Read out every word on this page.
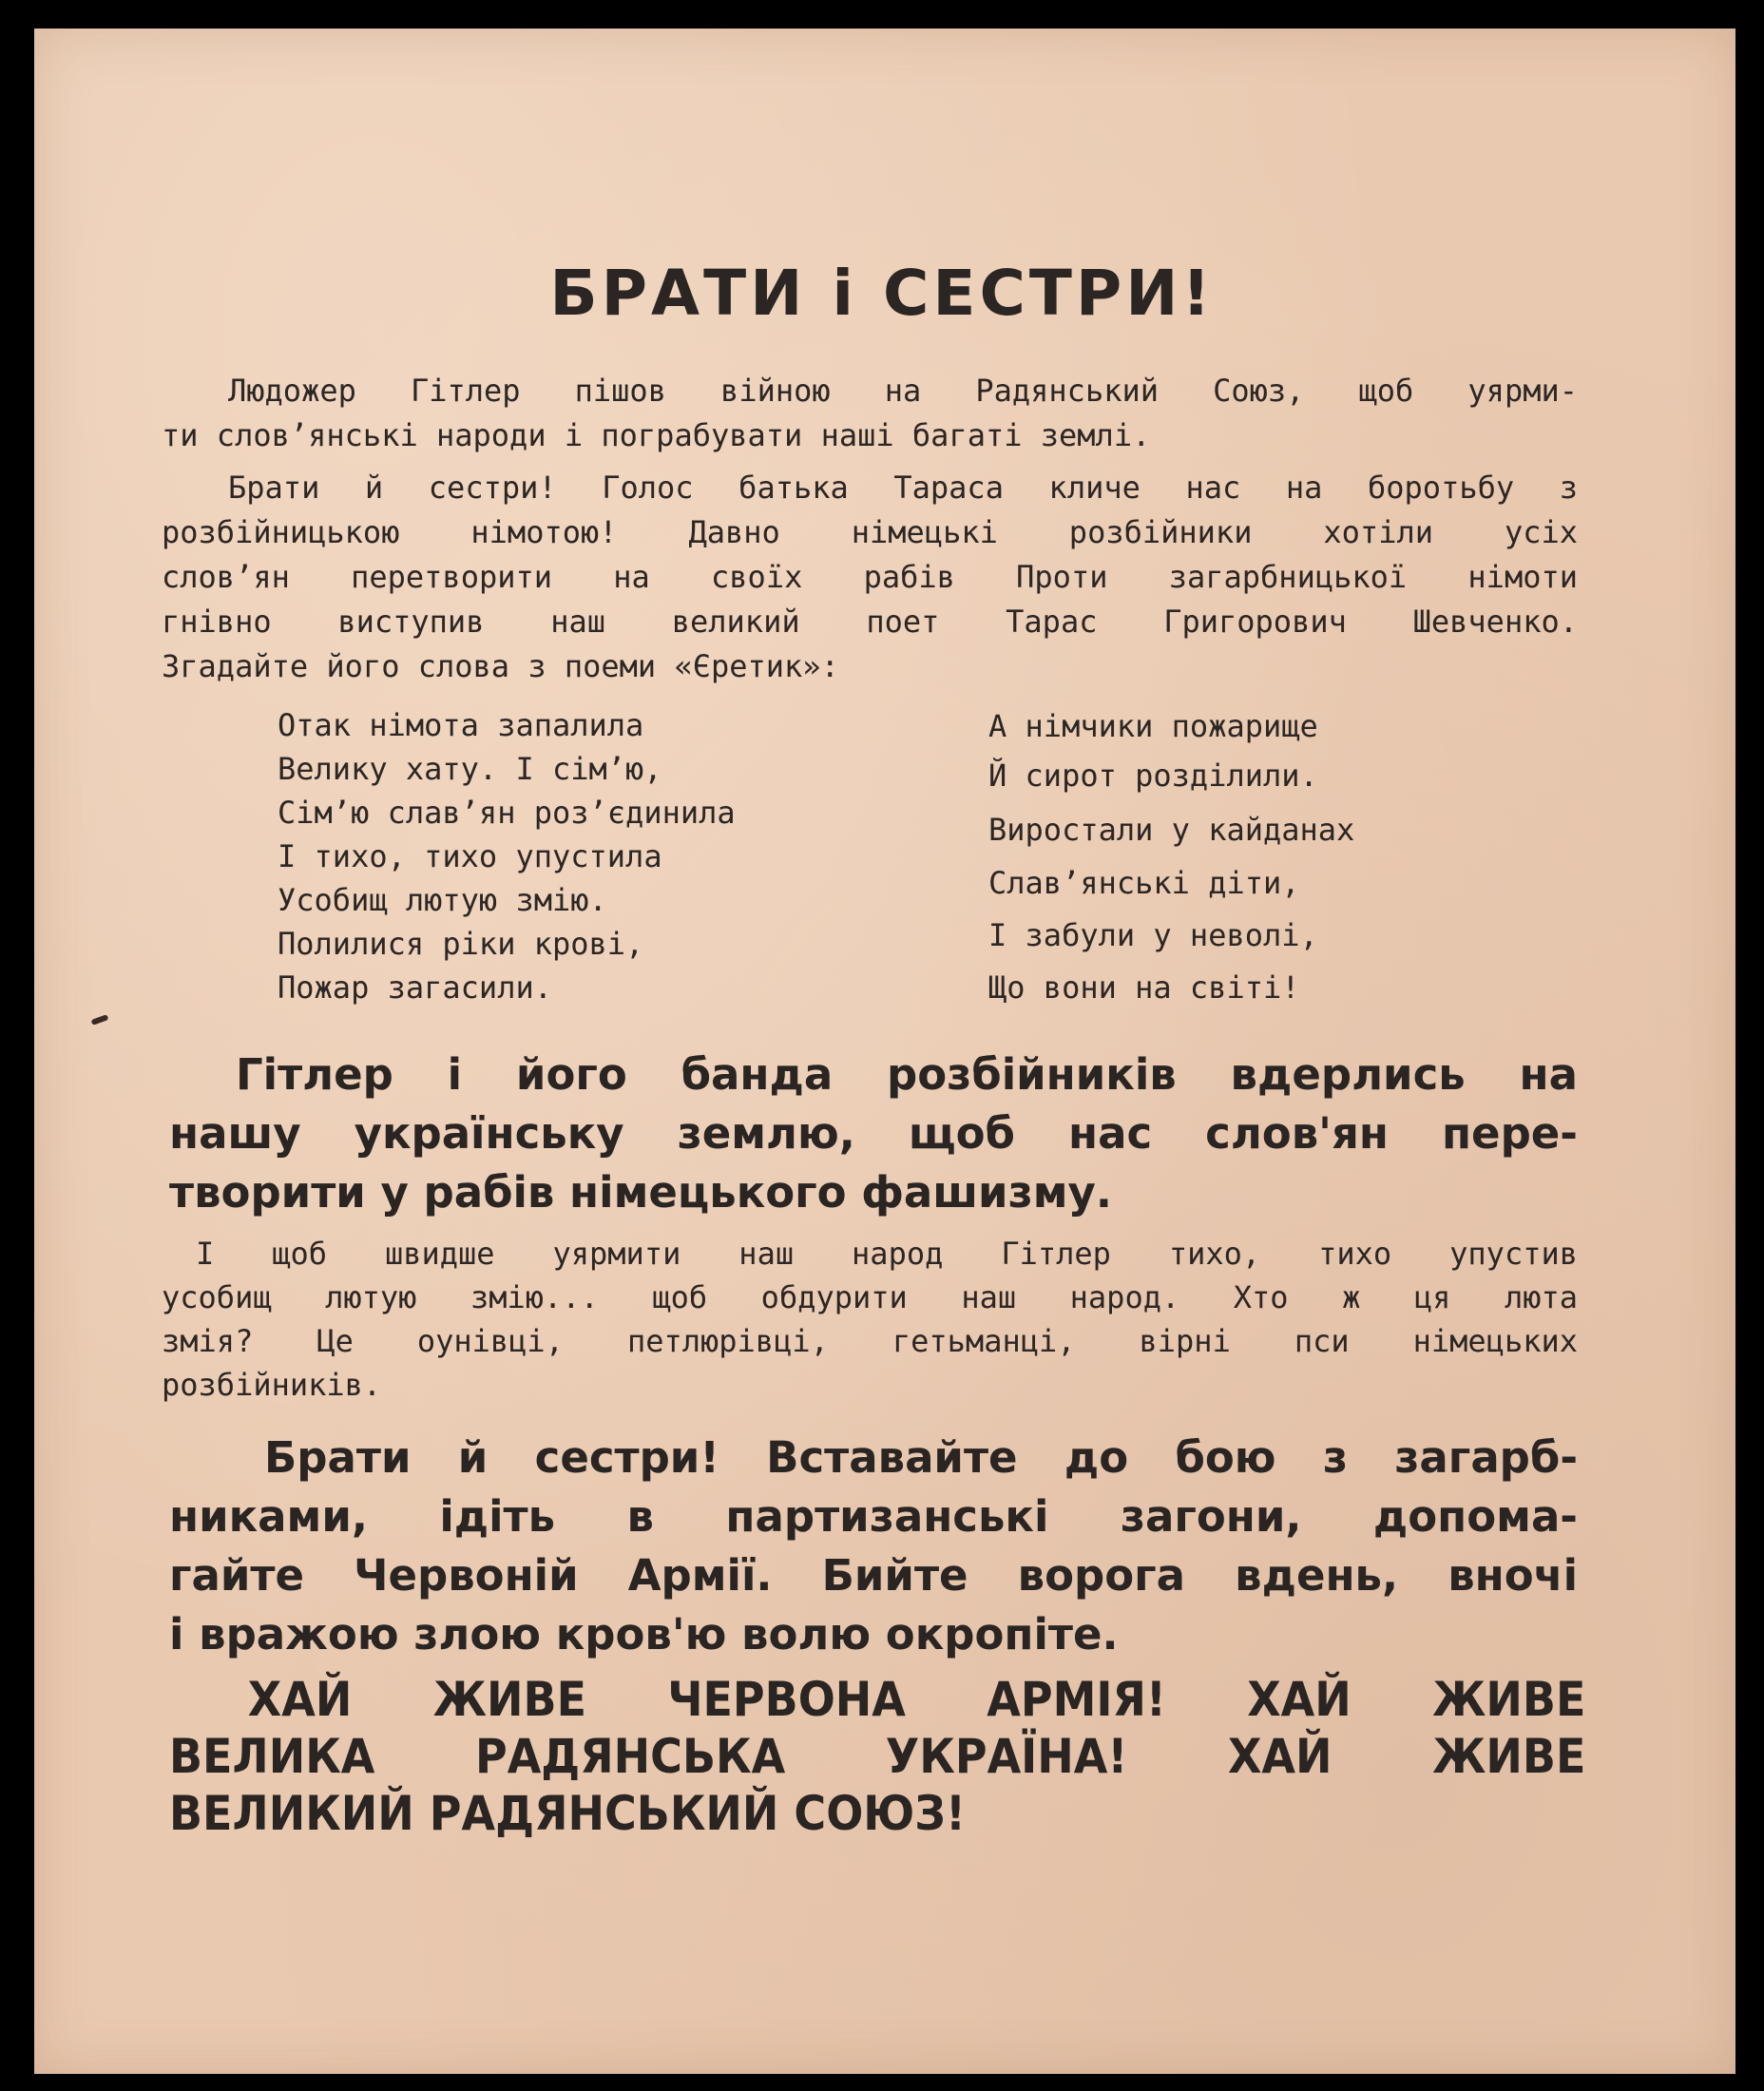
БРАТИ і СЕСТРИ!
Людожер Гітлер пішов війною на Радянський Союз, щоб уярми-
ти слов’янські народи і пограбувати наші багаті землі.
Брати й сестри! Голос батька Тараса кличе нас на боротьбу з
розбійницькою німотою! Давно німецькі розбійники хотіли усіх
слов’ян перетворити на своїх рабів Проти загарбницької німоти
гнівно виступив наш великий поет Тарас Григорович Шевченко.
Згадайте його слова з поеми «Єретик»:
Отак німота запалила
Велику хату. І сім’ю,
Сім’ю слав’ян роз’єдинила
І тихо, тихо упустила
Усобищ лютую змію.
Полилися ріки крові,
Пожар загасили.
А німчики пожарище
Й сирот розділили.
Виростали у кайданах
Слав’янські діти,
І забули у неволі,
Що вони на світі!
Гітлер і його банда розбійників вдерлись на
нашу українську землю, щоб нас слов'ян пере-
творити у рабів німецького фашизму.
І щоб швидше уярмити наш народ Гітлер тихо, тихо упустив
усобищ лютую змію... щоб обдурити наш народ. Хто ж ця люта
змія? Це оунівці, петлюрівці, гетьманці, вірні пси німецьких
розбійників.
Брати й сестри! Вставайте до бою з загарб-
никами, ідіть в партизанські загони, допома-
гайте Червоній Армії. Бийте ворога вдень, вночі
і вражою злою кров'ю волю окропіте.
ХАЙ ЖИВЕ ЧЕРВОНА АРМІЯ! ХАЙ ЖИВЕ
ВЕЛИКА РАДЯНСЬКА УКРАЇНА! ХАЙ ЖИВЕ
ВЕЛИКИЙ РАДЯНСЬКИЙ СОЮЗ!
